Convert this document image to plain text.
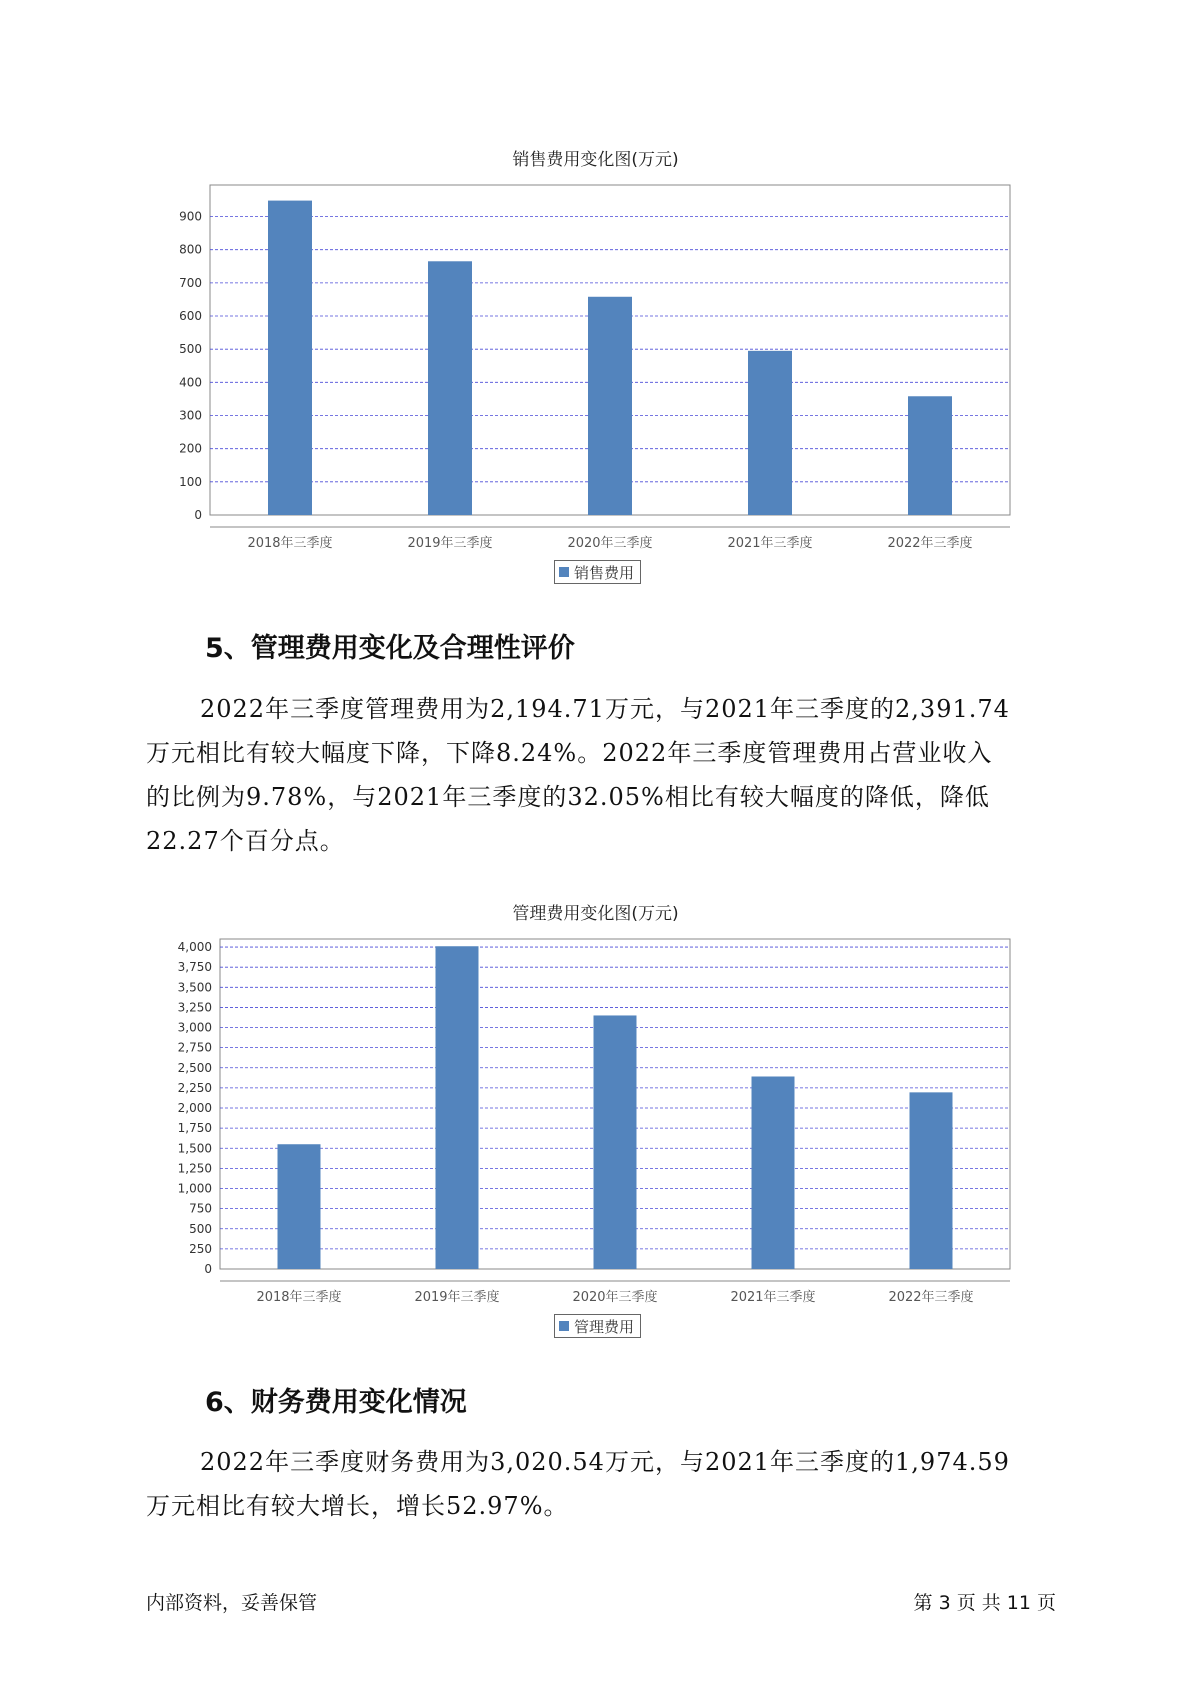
销售费用变化图(万元)
0
100
200
300
400
500
600
700
800
900
2018年三季度	2019年三季度	2020年三季度	2021年三季度	2022年三季度
销售费用
5、管理费用变化及合理性评价
2022年三季度管理费用为2,194.71万元，与2021年三季度的2,391.74
万元相比有较大幅度下降，下降8.24%。2022年三季度管理费用占营业收入
的比例为9.78%，与2021年三季度的32.05%相比有较大幅度的降低，降低
22.27个百分点。
管理费用变化图(万元)
0
250
500
750
1,000
1,250
1,500
1,750
2,000
2,250
2,500
2,750
3,000
3,250
3,500
3,750
4,000
2018年三季度	2019年三季度	2020年三季度	2021年三季度	2022年三季度
管理费用
6、财务费用变化情况
2022年三季度财务费用为3,020.54万元，与2021年三季度的1,974.59
万元相比有较大增长，增长52.97%。
内部资料，妥善保管	第 3 页 共 11 页
